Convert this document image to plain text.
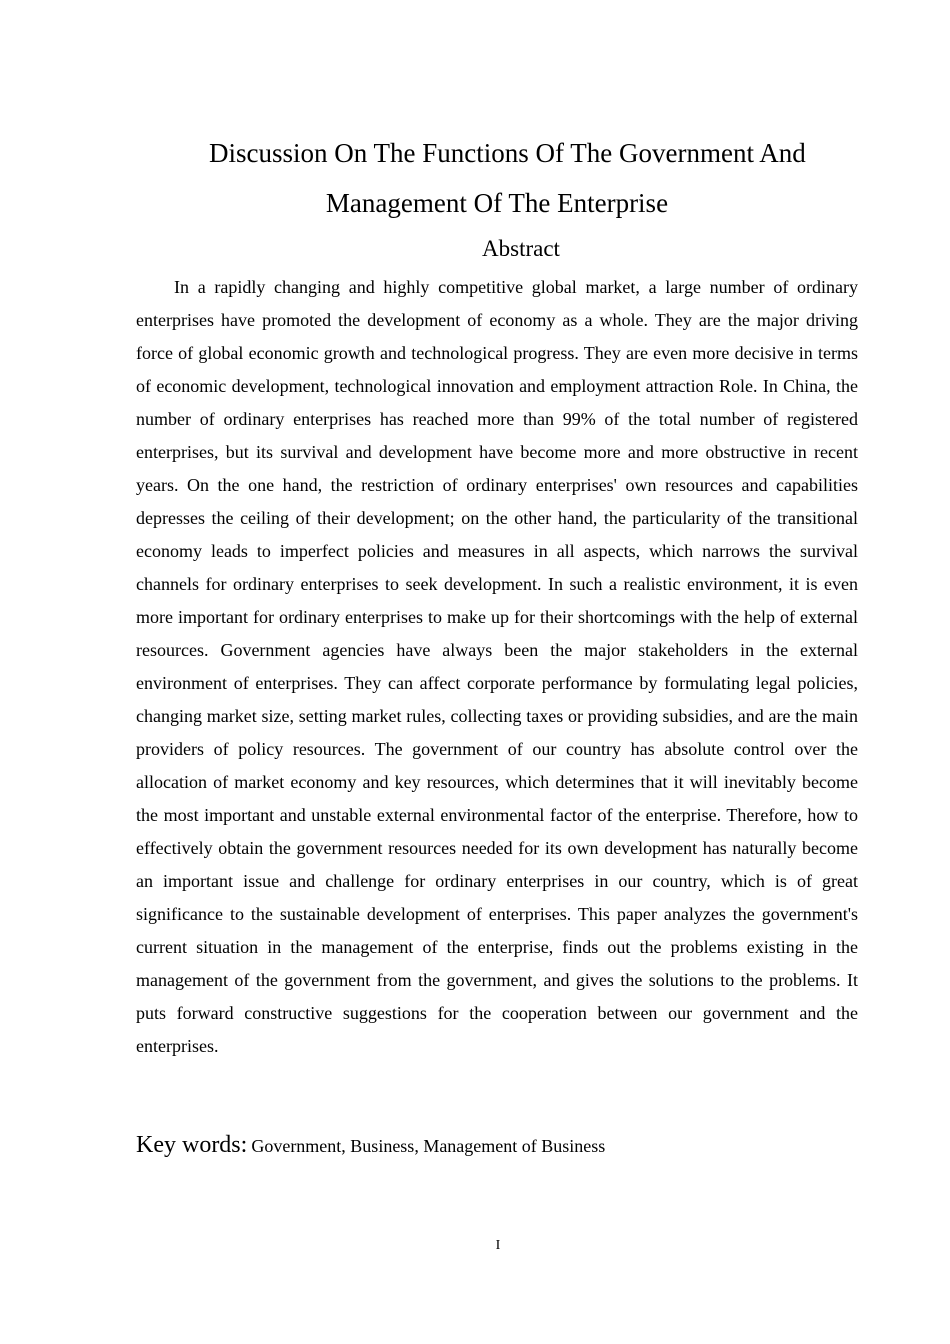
Discussion On The Functions Of The Government And
Management Of The Enterprise
Abstract

In a rapidly changing and highly competitive global market, a large number of ordinary enterprises have promoted the development of economy as a whole. They are the major driving force of global economic growth and technological progress. They are even more decisive in terms of economic development, technological innovation and employment attraction Role. In China, the number of ordinary enterprises has reached more than 99% of the total number of registered enterprises, but its survival and development have become more and more obstructive in recent years. On the one hand, the restriction of ordinary enterprises' own resources and capabilities depresses the ceiling of their development; on the other hand, the particularity of the transitional economy leads to imperfect policies and measures in all aspects, which narrows the survival channels for ordinary enterprises to seek development. In such a realistic environment, it is even more important for ordinary enterprises to make up for their shortcomings with the help of external resources. Government agencies have always been the major stakeholders in the external environment of enterprises. They can affect corporate performance by formulating legal policies, changing market size, setting market rules, collecting taxes or providing subsidies, and are the main providers of policy resources. The government of our country has absolute control over the allocation of market economy and key resources, which determines that it will inevitably become the most important and unstable external environmental factor of the enterprise. Therefore, how to effectively obtain the government resources needed for its own development has naturally become an important issue and challenge for ordinary enterprises in our country, which is of great significance to the sustainable development of enterprises. This paper analyzes the government's current situation in the management of the enterprise, finds out the problems existing in the management of the government from the government, and gives the solutions to the problems. It puts forward constructive suggestions for the cooperation between our government and the enterprises.

Key words: Government, Business, Management of Business

I
